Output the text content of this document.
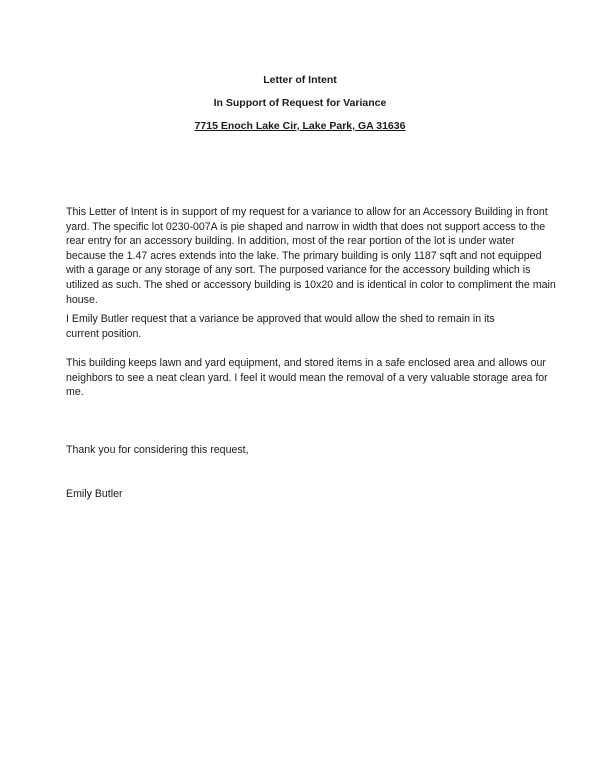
Letter of Intent
In Support of Request for Variance
7715 Enoch Lake Cir, Lake Park, GA 31636
This Letter of Intent is in support of my request for a variance to allow for an Accessory Building in front
yard. The specific lot 0230-007A is pie shaped and narrow in width that does not support access to the
rear entry for an accessory building. In addition, most of the rear portion of the lot is under water
because the 1.47 acres extends into the lake. The primary building is only 1187 sqft and not equipped
with a garage or any storage of any sort. The purposed variance for the accessory building which is
utilized as such. The shed or accessory building is 10x20 and is identical in color to compliment the main
house.
I Emily Butler request that a variance be approved that would allow the shed to remain in its
current position.
This building keeps lawn and yard equipment, and stored items in a safe enclosed area and allows our
neighbors to see a neat clean yard. I feel it would mean the removal of a very valuable storage area for
me.
Thank you for considering this request,
Emily Butler
